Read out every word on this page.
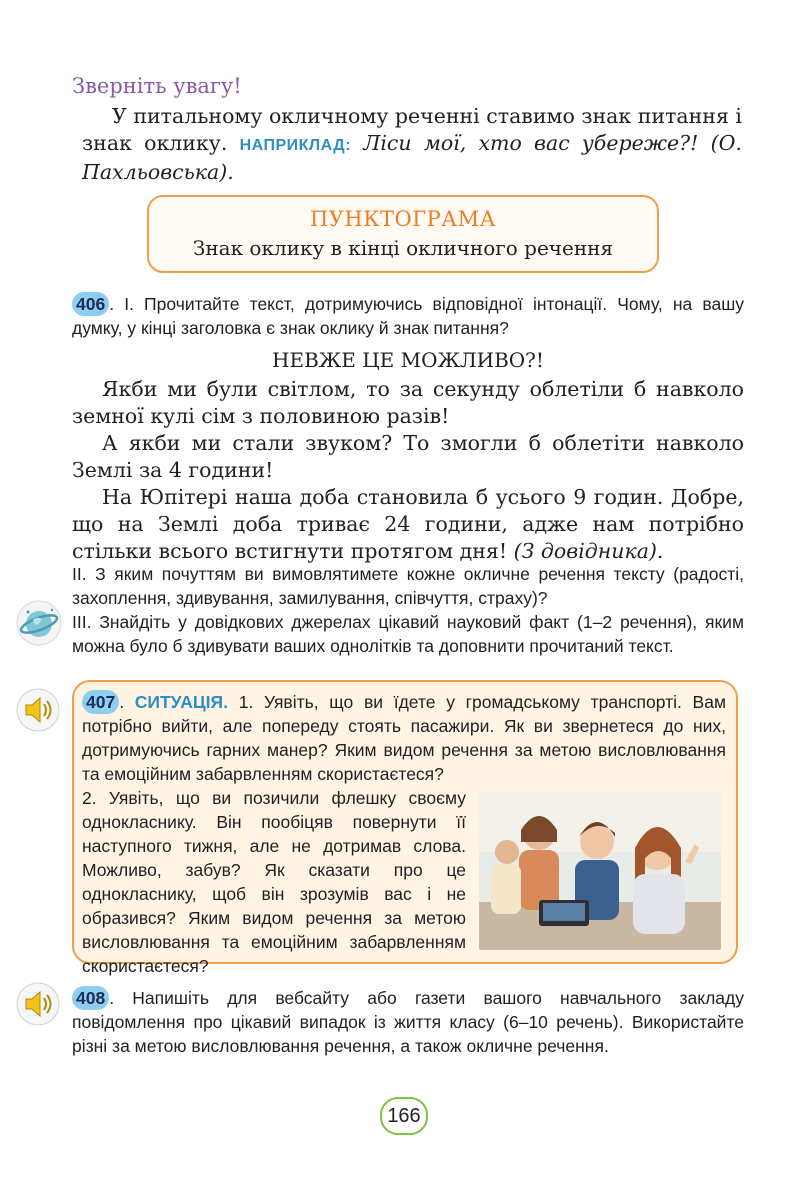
Зверніть увагу!
У питальному окличному реченні ставимо знак питання і знак оклику. НАПРИКЛАД: Ліси мої, хто вас убереже?! (О. Пахльовська).
ПУНКТОГРАМА
Знак оклику в кінці окличного речення
406 . І. Прочитайте текст, дотримуючись відповідної інтонації. Чому, на вашу думку, у кінці заголовка є знак оклику й знак питання?
НЕВЖЕ ЦЕ МОЖЛИВО?!

Якби ми були світлом, то за секунду облетіли б навколо земної кулі сім з половиною разів!

А якби ми стали звуком? То змогли б облетіти навколо Землі за 4 години!

На Юпітері наша доба становила б усього 9 годин. Добре, що на Землі доба триває 24 години, адже нам потрібно стільки всього встигнути протягом дня! (З довідника).

ІІ. З яким почуттям ви вимовлятимете кожне окличне речення тексту (радості, захоплення, здивування, замилування, співчуття, страху)?
ІІІ. Знайдіть у довідкових джерелах цікавий науковий факт (1–2 речення), яким можна було б здивувати ваших однолітків та доповнити прочитаний текст.
407 . СИТУАЦІЯ. 1. Уявіть, що ви їдете у громадському транспорті. Вам потрібно вийти, але попереду стоять пасажири. Як ви звернетеся до них, дотримуючись гарних манер? Яким видом речення за метою висловлювання та емоційним забарвленням скористаєтеся?
2. Уявіть, що ви позичили флешку своєму однокласнику. Він пообіцяв повернути її наступного тижня, але не дотримав слова. Можливо, забув? Як сказати про це однокласнику, щоб він зрозумів вас і не образився? Яким видом речення за метою висловлювання та емоційним забарвленням скористаєтеся?
408 . Напишіть для вебсайту або газети вашого навчального закладу повідомлення про цікавий випадок із життя класу (6–10 речень). Використайте різні за метою висловлювання речення, а також окличне речення.
166
